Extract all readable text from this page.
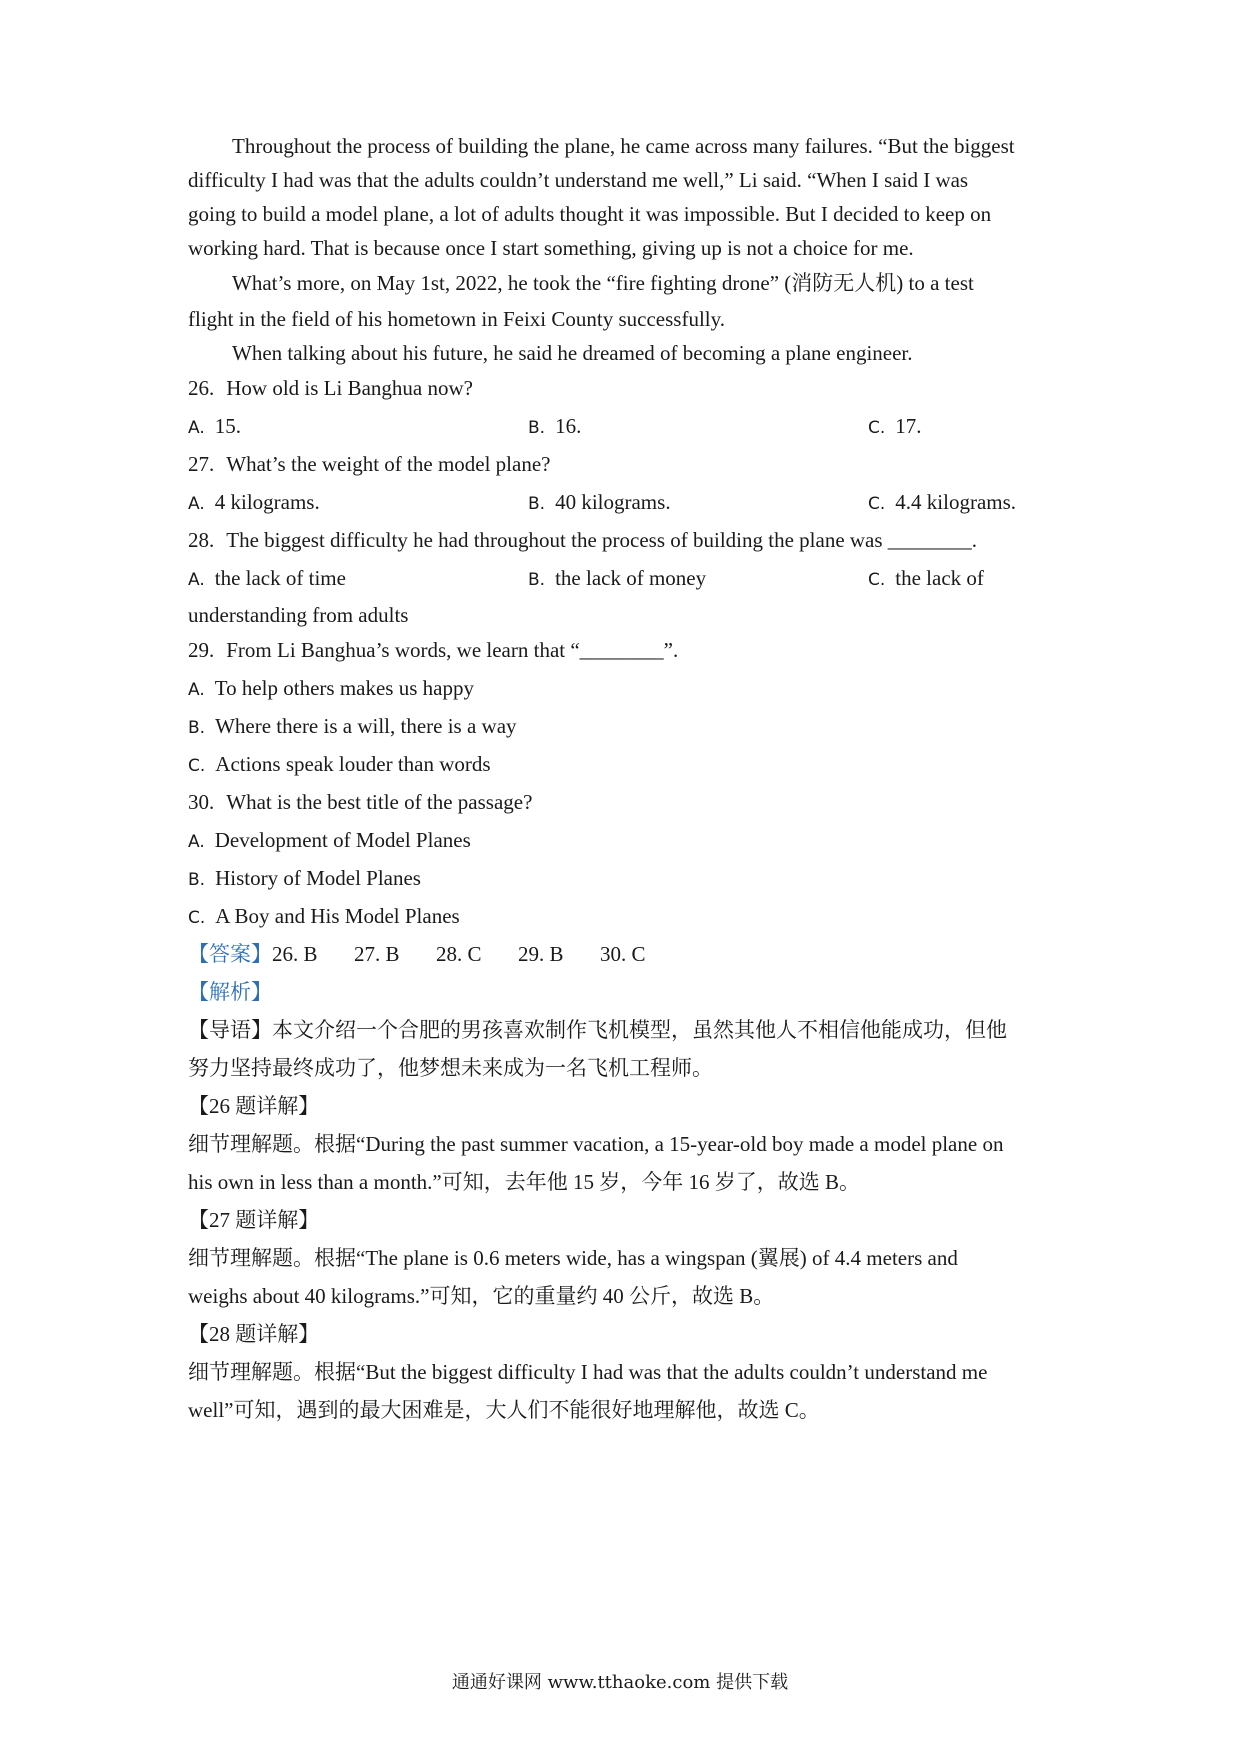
Throughout the process of building the plane, he came across many failures. “But the biggest
difficulty I had was that the adults couldn’t understand me well,” Li said. “When I said I was
going to build a model plane, a lot of adults thought it was impossible. But I decided to keep on
working hard. That is because once I start something, giving up is not a choice for me.
What’s more, on May 1st, 2022, he took the “fire fighting drone” (消防无人机) to a test
flight in the field of his hometown in Feixi County successfully.
When talking about his future, he said he dreamed of becoming a plane engineer.
26. How old is Li Banghua now?
A. 15.	B. 16.	C. 17.
27. What’s the weight of the model plane?
A. 4 kilograms.	B. 40 kilograms.	C. 4.4 kilograms.
28. The biggest difficulty he had throughout the process of building the plane was ________.
A. the lack of time	B. the lack of money	C. the lack of
understanding from adults
29. From Li Banghua’s words, we learn that “________”.
A. To help others makes us happy
B. Where there is a will, there is a way
C. Actions speak louder than words
30. What is the best title of the passage?
A. Development of Model Planes
B. History of Model Planes
C. A Boy and His Model Planes
【答案】26. B 27. B 28. C 29. B 30. C
【解析】
【导语】本文介绍一个合肥的男孩喜欢制作飞机模型，虽然其他人不相信他能成功，但他
努力坚持最终成功了，他梦想未来成为一名飞机工程师。
【26 题详解】
细节理解题。根据“During the past summer vacation, a 15-year-old boy made a model plane on
his own in less than a month.”可知，去年他 15 岁，今年 16 岁了，故选 B。
【27 题详解】
细节理解题。根据“The plane is 0.6 meters wide, has a wingspan (翼展) of 4.4 meters and
weighs about 40 kilograms.”可知，它的重量约 40 公斤，故选 B。
【28 题详解】
细节理解题。根据“But the biggest difficulty I had was that the adults couldn’t understand me
well”可知，遇到的最大困难是，大人们不能很好地理解他，故选 C。
通通好课网 www.tthaoke.com 提供下载
